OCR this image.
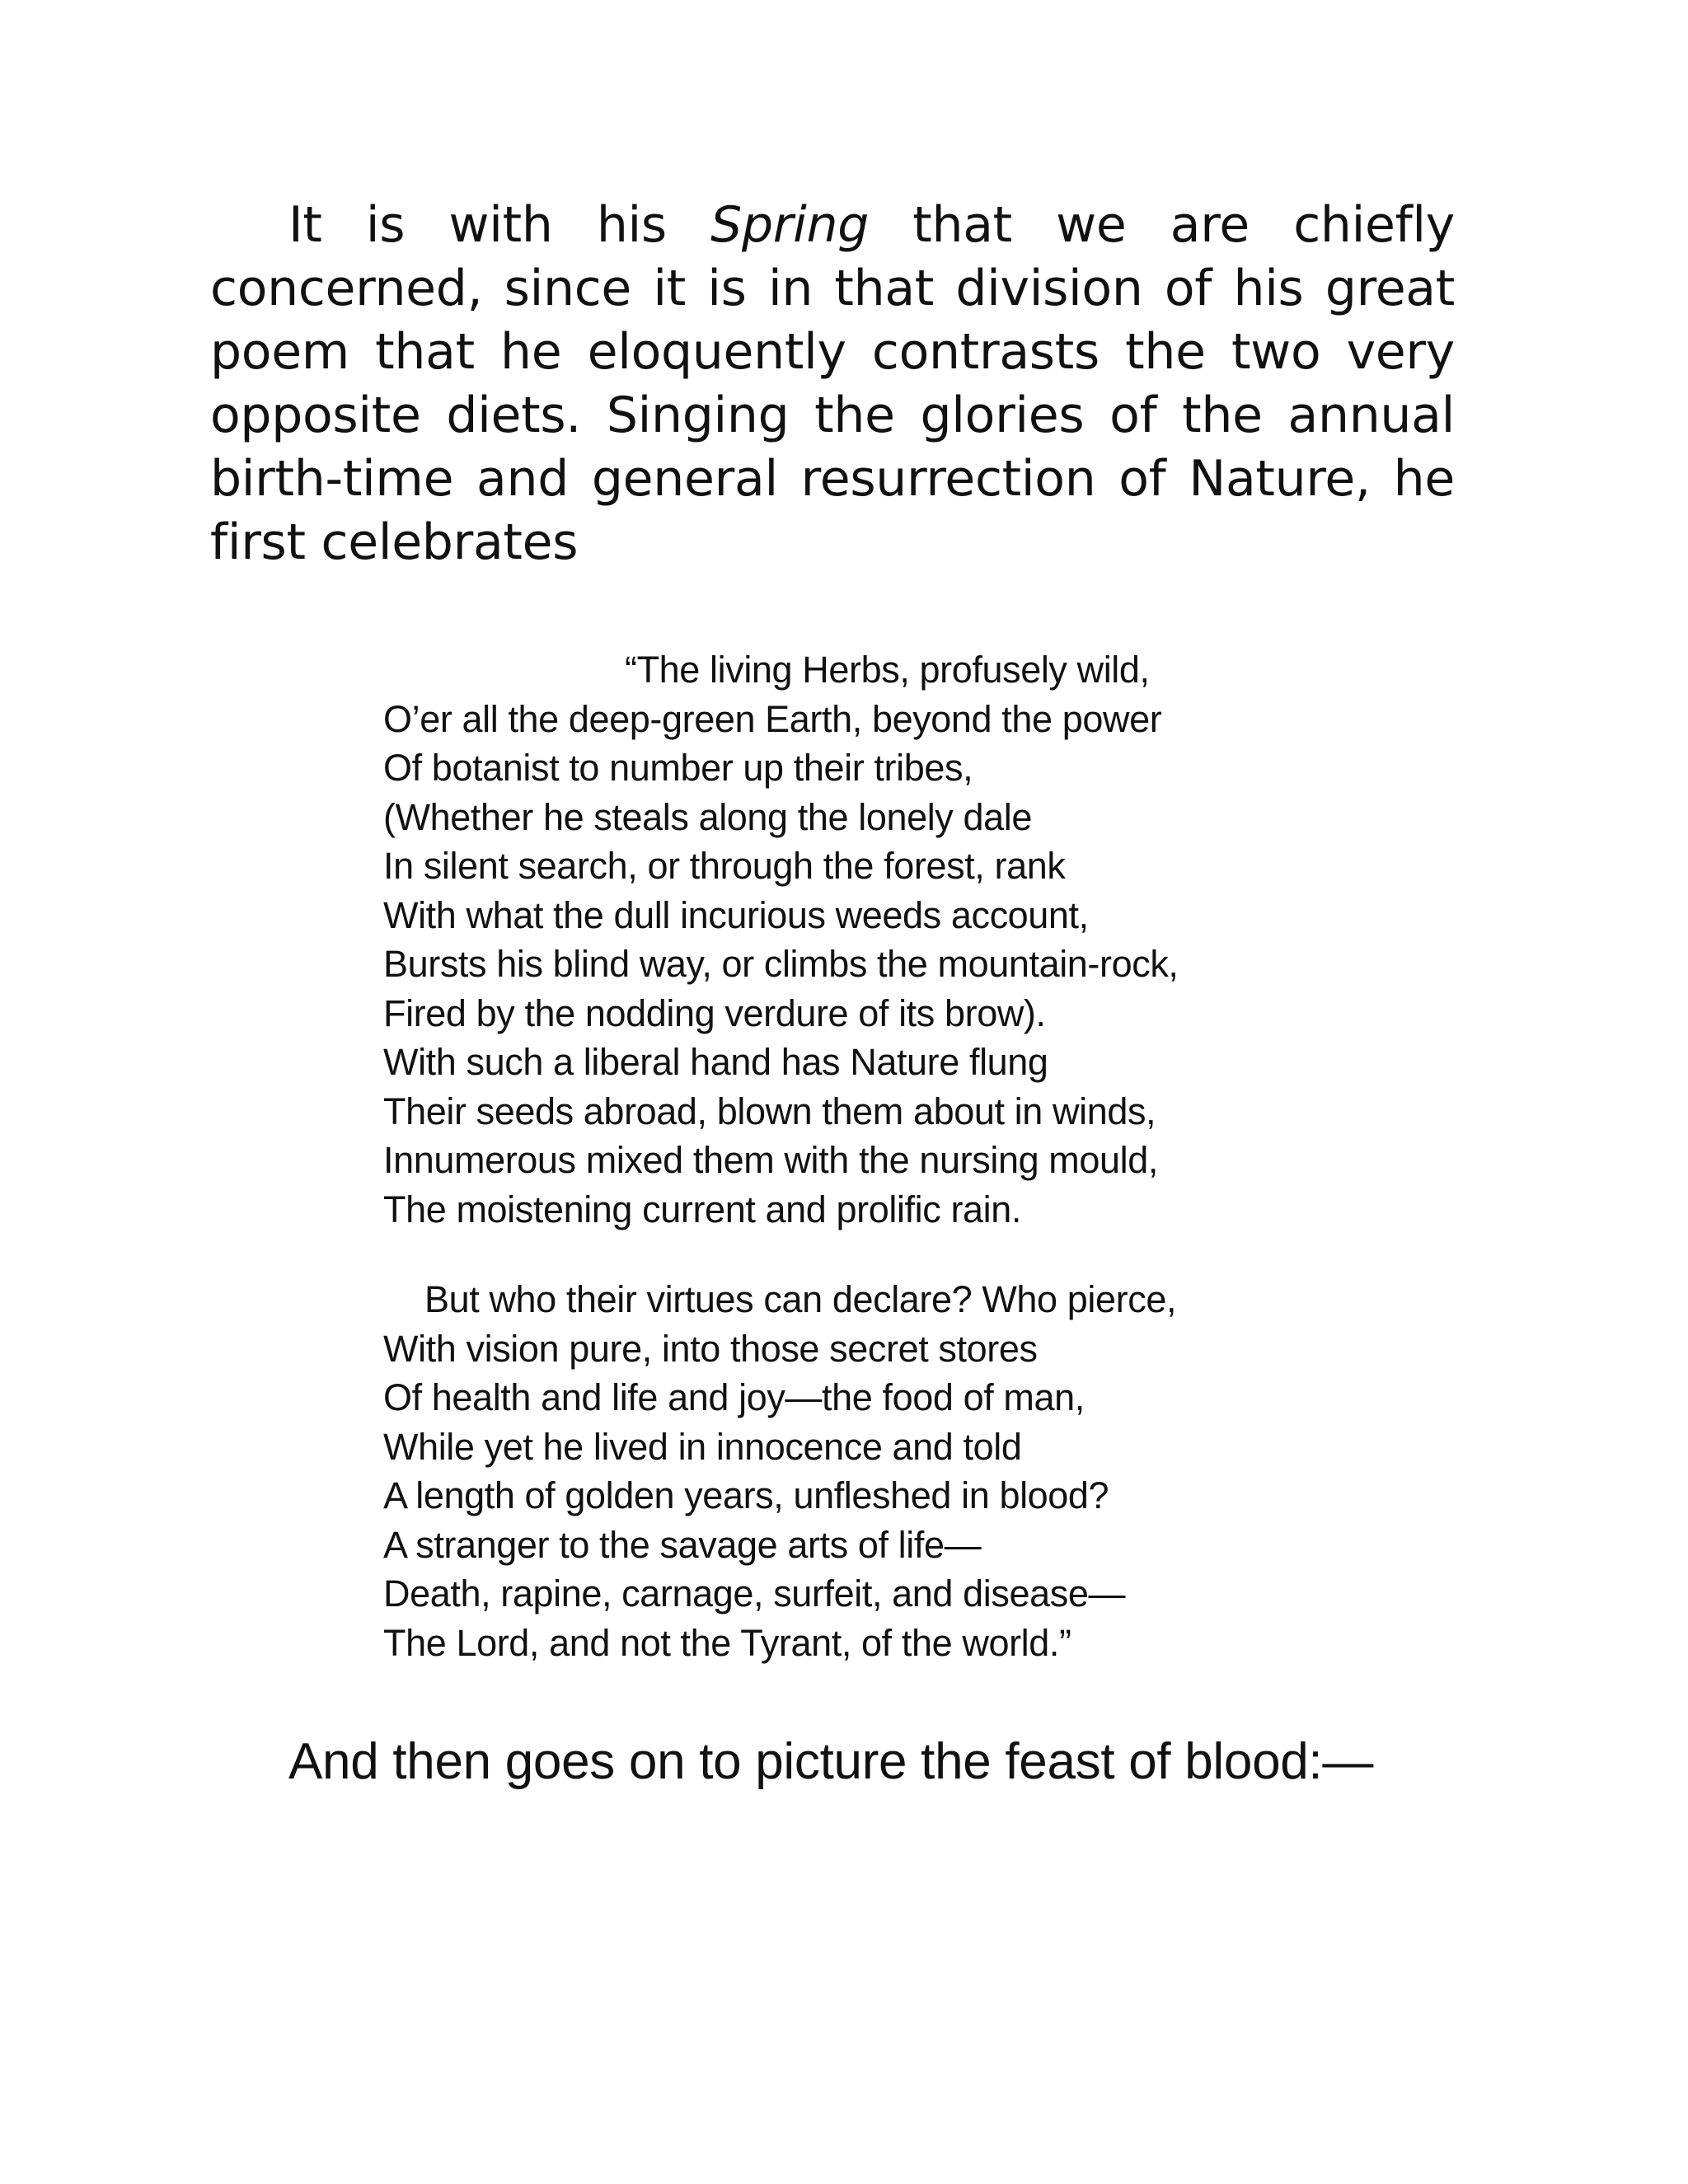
It is with his Spring that we are chiefly concerned, since it is in that division of his great poem that he eloquently contrasts the two very opposite diets. Singing the glories of the annual birth-time and general resurrection of Nature, he first celebrates

“The living Herbs, profusely wild,
O’er all the deep-green Earth, beyond the power
Of botanist to number up their tribes,
(Whether he steals along the lonely dale
In silent search, or through the forest, rank
With what the dull incurious weeds account,
Bursts his blind way, or climbs the mountain-rock,
Fired by the nodding verdure of its brow).
With such a liberal hand has Nature flung
Their seeds abroad, blown them about in winds,
Innumerous mixed them with the nursing mould,
The moistening current and prolific rain.
But who their virtues can declare? Who pierce,
With vision pure, into those secret stores
Of health and life and joy—the food of man,
While yet he lived in innocence and told
A length of golden years, unfleshed in blood?
A stranger to the savage arts of life—
Death, rapine, carnage, surfeit, and disease—
The Lord, and not the Tyrant, of the world.”

And then goes on to picture the feast of blood:—
